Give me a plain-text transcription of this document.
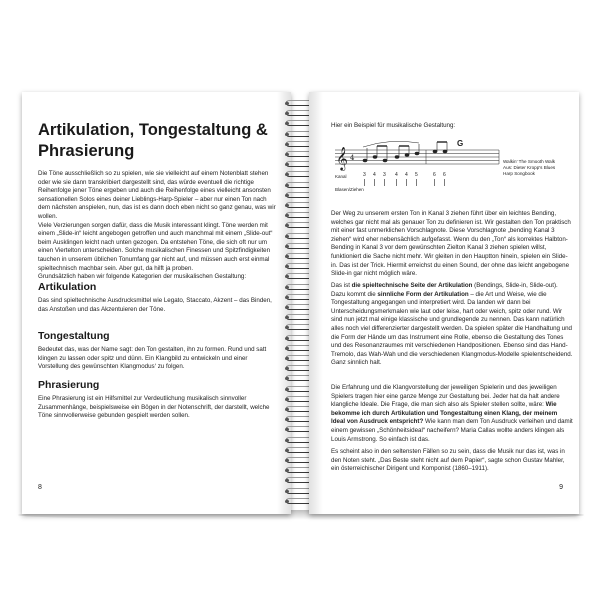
Artikulation, Tongestaltung & Phrasierung

Die Töne ausschließlich so zu spielen, wie sie vielleicht auf einem Notenblatt stehen oder wie sie dann transkribiert dargestellt sind, das würde eventuell die richtige Reihenfolge jener Töne ergeben und auch die Reihenfolge eines vielleicht ansonsten sensationellen Solos eines deiner Lieblings-Harp-Spieler – aber nur einen Ton nach dem nächsten anspielen, nun, das ist es dann doch eben nicht so ganz genau, was wir wollen.
Viele Verzierungen sorgen dafür, dass die Musik interessant klingt. Töne werden mit einem „Slide-in“ leicht angebogen getroffen und auch manchmal mit einem „Slide-out“ beim Ausklingen leicht nach unten gezogen. Da entstehen Töne, die sich oft nur um einen Viertelton unterscheiden. Solche musikalischen Finessen und Spitzfindigkeiten tauchen in unserem üblichen Tonumfang gar nicht auf, und müssen auch erst einmal spieltechnisch machbar sein. Aber gut, da hilft ja proben.
Grundsätzlich haben wir folgende Kategorien der musikalischen Gestaltung:

Artikulation

Das sind spieltechnische Ausdrucksmittel wie Legato, Staccato, Akzent – das Binden, das Anstoßen und das Akzentuieren der Töne.

Tongestaltung

Bedeutet das, was der Name sagt: den Ton gestalten, ihn zu formen. Rund und satt klingen zu lassen oder spitz und dünn. Ein Klangbild zu entwickeln und einer Vorstellung des gewünschten Klangmodus‘ zu folgen.

Phrasierung

Eine Phrasierung ist ein Hilfsmittel zur Verdeutlichung musikalisch sinnvoller Zusammenhänge, beispielsweise ein Bögen in der Notenschrift, der darstellt, welche Töne sinnvollerweise gebunden gespielt werden sollen.

8

Hier ein Beispiel für musikalische Gestaltung:

𝄞 4
G
3 4 3 4 4 5	6 6
Kanal
Blasen/Ziehen

Walkin' The Smooth Walk
Aus: Dieter Kropp's Blues
Harp Songbook

Der Weg zu unserem ersten Ton in Kanal 3 ziehen führt über ein leichtes Bending, welches gar nicht mal als genauer Ton zu definieren ist. Wir gestalten den Ton praktisch mit einer fast unmerklichen Vorschlagnote. Diese Vorschlagnote „bending Kanal 3 ziehen“ wird eher nebensächlich aufgefasst. Wenn du den „Ton“ als korrektes Halbton-Bending in Kanal 3 vor dem gewünschten Zielton Kanal 3 ziehen spielen willst, funktioniert die Sache nicht mehr. Wir gleiten in den Hauptton hinein, spielen ein Slide-in. Das ist der Trick. Hiermit erreichst du einen Sound, der ohne das leicht angebogene Slide-in gar nicht möglich wäre.

Das ist die spieltechnische Seite der Artikulation (Bendings, Slide-in, Slide-out). Dazu kommt die sinnliche Form der Artikulation – die Art und Weise, wie die Tongestaltung angegangen und interpretiert wird. Da landen wir dann bei Unterscheidungsmerkmalen wie laut oder leise, hart oder weich, spitz oder rund. Wir sind nun jetzt mal einige klassische und grundlegende zu nennen. Das kann natürlich alles noch viel differenzierter dargestellt werden. Da spielen später die Handhaltung und die Form der Hände um das Instrument eine Rolle, ebenso die Gestaltung des Tones und des Resonanzraumes mit verschiedenen Handpositionen. Ebenso sind das Hand-Tremolo, das Wah-Wah und die verschiedenen Klangmodus-Modelle spielentscheidend. Ganz sinnlich halt.

Die Erfahrung und die Klangvorstellung der jeweiligen Spielerin und des jeweiligen Spielers tragen hier eine ganze Menge zur Gestaltung bei. Jeder hat da halt andere klangliche Ideale. Die Frage, die man sich also als Spieler stellen sollte, wäre: Wie bekomme ich durch Artikulation und Tongestaltung einen Klang, der meinem Ideal von Ausdruck entspricht? Wie kann man dem Ton Ausdruck verleihen und damit einem gewissen „Schönheitsideal“ nacheifern? Maria Callas wollte anders klingen als Louis Armstrong. So einfach ist das.

Es scheint also in den seltensten Fällen so zu sein, dass die Musik nur das ist, was in den Noten steht. „Das Beste steht nicht auf dem Papier“, sagte schon Gustav Mahler, ein österreichischer Dirigent und Komponist (1860–1911).

9
